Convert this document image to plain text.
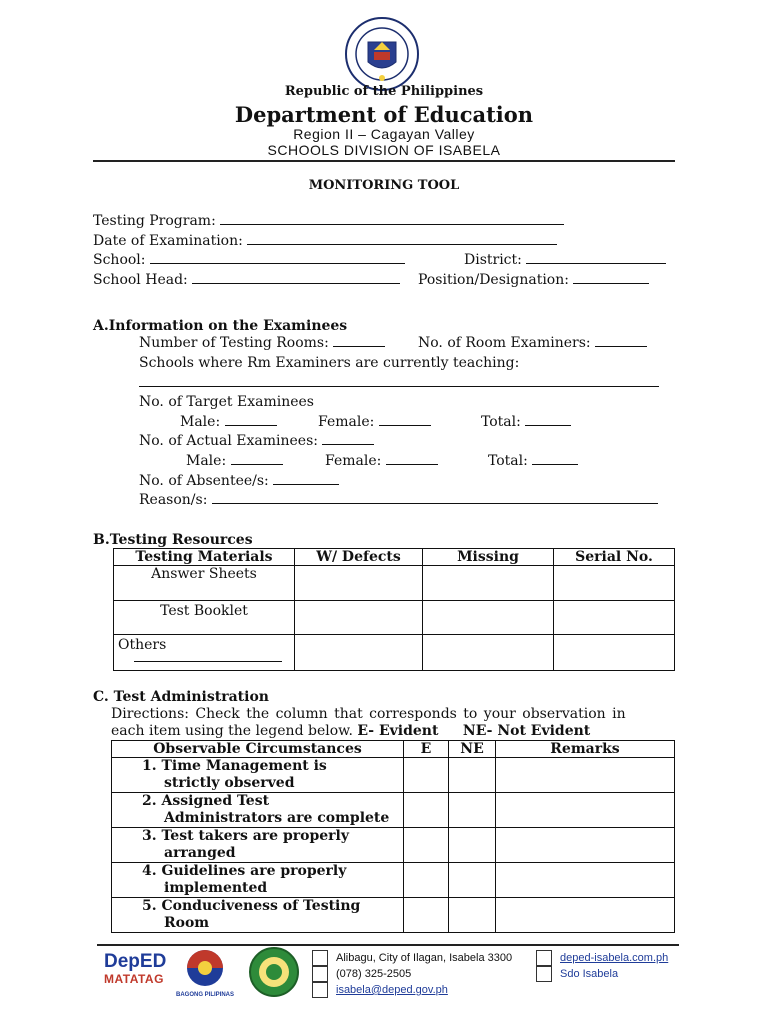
Republic of the Philippines
Department of Education
Region II – Cagayan Valley
SCHOOLS DIVISION OF ISABELA
MONITORING TOOL
Testing Program:
Date of Examination:
School:	District:
School Head:	Position/Designation:
A.Information on the Examinees
Number of Testing Rooms:	No. of Room Examiners:
Schools where Rm Examiners are currently teaching:
No. of Target Examinees
Male:	Female:	Total:
No. of Actual Examinees:
Male:	Female:	Total:
No. of Absentee/s:
Reason/s:
B.Testing Resources
Testing Materials	W/ Defects	Missing	Serial No.
Answer Sheets			
Test Booklet			

Others			

C. Test Administration
Directions: Check the column that corresponds to your observation in
each item using the legend below. E- Evident NE- Not Evident
Observable Circumstances	E	NE	Remarks
1. Time Management is
strictly observed			
2. Assigned Test
Administrators are complete			
3. Test takers are properly
arranged			
4. Guidelines are properly
implemented			
5. Conduciveness of Testing
Room			
DepED
MATATAG
BAGONG PILIPINAS
Alibagu, City of Ilagan, Isabela 3300
(078) 325-2505
isabela@deped.gov.ph
deped-isabela.com.ph
Sdo Isabela
